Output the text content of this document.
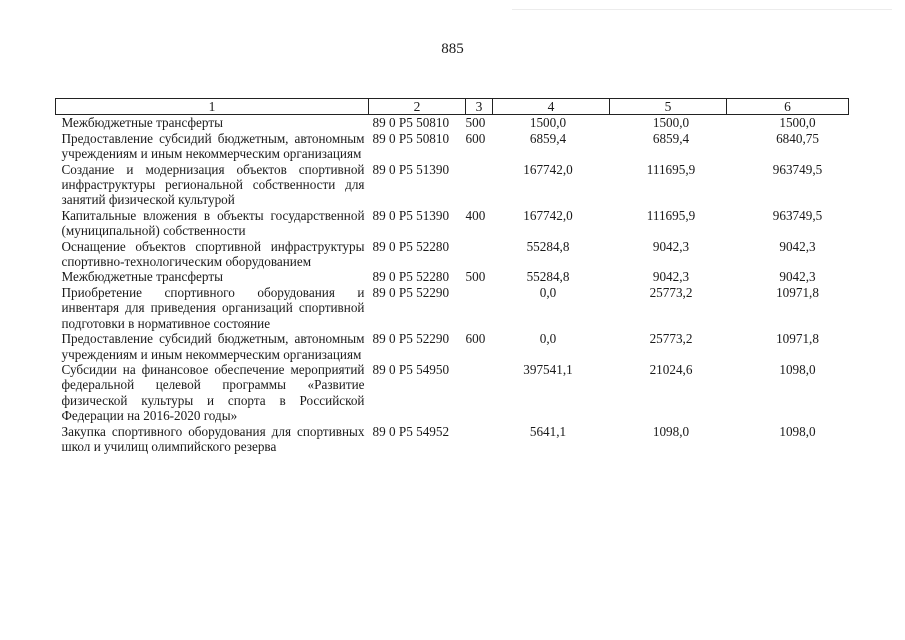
885
1	2	3	4	5	6
Межбюджетные трансферты	89 0 P5 50810	500	1500,0	1500,0	1500,0
Предоставление субсидий бюджетным, автономным учреждениям и иным некоммерческим организациям	89 0 P5 50810	600	6859,4	6859,4	6840,75
Создание и модернизация объектов спортивной инфраструктуры региональной собственности для занятий физической культурой	89 0 P5 51390		167742,0	111695,9	963749,5
Капитальные вложения в объекты государственной (муниципальной) собственности	89 0 P5 51390	400	167742,0	111695,9	963749,5
Оснащение объектов спортивной инфраструктуры спортивно-технологическим оборудованием	89 0 P5 52280		55284,8	9042,3	9042,3
Межбюджетные трансферты	89 0 P5 52280	500	55284,8	9042,3	9042,3
Приобретение спортивного оборудования и инвентаря для приведения организаций спортивной подготовки в нормативное состояние	89 0 P5 52290		0,0	25773,2	10971,8
Предоставление субсидий бюджетным, автономным учреждениям и иным некоммерческим организациям	89 0 P5 52290	600	0,0	25773,2	10971,8
Субсидии на финансовое обеспечение мероприятий федеральной целевой программы «Развитие физической культуры и спорта в Российской Федерации на 2016-2020 годы»	89 0 P5 54950		397541,1	21024,6	1098,0
Закупка спортивного оборудования для спортивных школ и училищ олимпийского резерва	89 0 P5 54952		5641,1	1098,0	1098,0
